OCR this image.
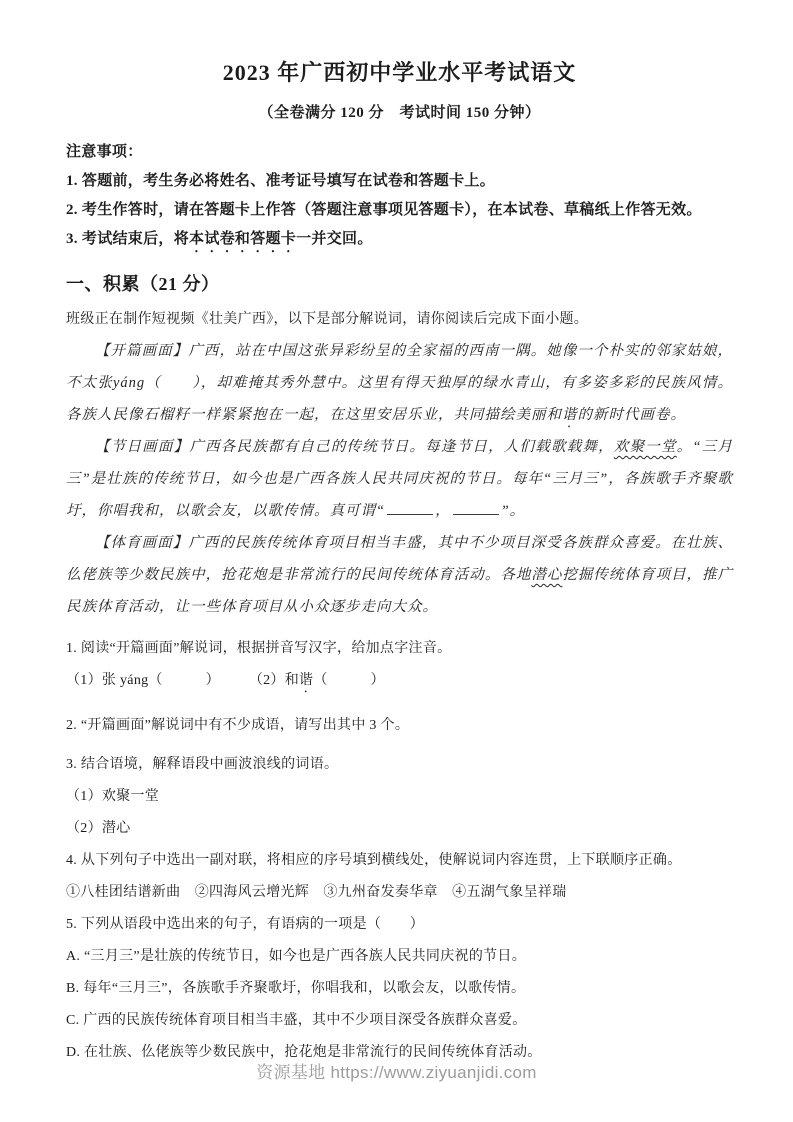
2023 年广西初中学业水平考试语文
（全卷满分 120 分　考试时间 150 分钟）

注意事项：

1. 答题前，考生务必将姓名、准考证号填写在试卷和答题卡上。

2. 考生作答时，请在答题卡上作答（答题注意事项见答题卡），在本试卷、草稿纸上作答无效。

3. 考试结束后，将本试卷和答题卡一并交回。

一、积累（21 分）

班级正在制作短视频《壮美广西》，以下是部分解说词，请你阅读后完成下面小题。

【开篇画面】广西，站在中国这张异彩纷呈的全家福的西南一隅。她像一个朴实的邻家姑娘，不太张yáng（　　），却难掩其秀外慧中。这里有得天独厚的绿水青山，有多姿多彩的民族风情。各族人民像石榴籽一样紧紧抱在一起，在这里安居乐业，共同描绘美丽和谐的新时代画卷。

【节日画面】广西各民族都有自己的传统节日。每逢节日，人们载歌载舞，欢聚一堂。“三月三”是壮族的传统节日，如今也是广西各族人民共同庆祝的节日。每年“三月三”，各族歌手齐聚歌圩，你唱我和，以歌会友，以歌传情。真可谓“	，	”。

【体育画面】广西的民族传统体育项目相当丰盛，其中不少项目深受各族群众喜爱。在壮族、仫佬族等少数民族中，抢花炮是非常流行的民间传统体育活动。各地潜心挖掘传统体育项目，推广民族体育活动，让一些体育项目从小众逐步走向大众。

1. 阅读“开篇画面”解说词，根据拼音写汉字，给加点字注音。

（1）张 yáng（　　　）　　　（2）和谐（　　　）

2. “开篇画面”解说词中有不少成语，请写出其中 3 个。

3. 结合语境，解释语段中画波浪线的词语。

（1）欢聚一堂

（2）潜心

4. 从下列句子中选出一副对联，将相应的序号填到横线处，使解说词内容连贯，上下联顺序正确。

①八桂团结谱新曲　②四海风云增光辉　③九州奋发奏华章　④五湖气象呈祥瑞

5. 下列从语段中选出来的句子，有语病的一项是（　　）

A. “三月三”是壮族的传统节日，如今也是广西各族人民共同庆祝的节日。

B. 每年“三月三”，各族歌手齐聚歌圩，你唱我和，以歌会友，以歌传情。

C. 广西的民族传统体育项目相当丰盛，其中不少项目深受各族群众喜爱。

D. 在壮族、仫佬族等少数民族中，抢花炮是非常流行的民间传统体育活动。

资源基地 https://www.ziyuanjidi.com
